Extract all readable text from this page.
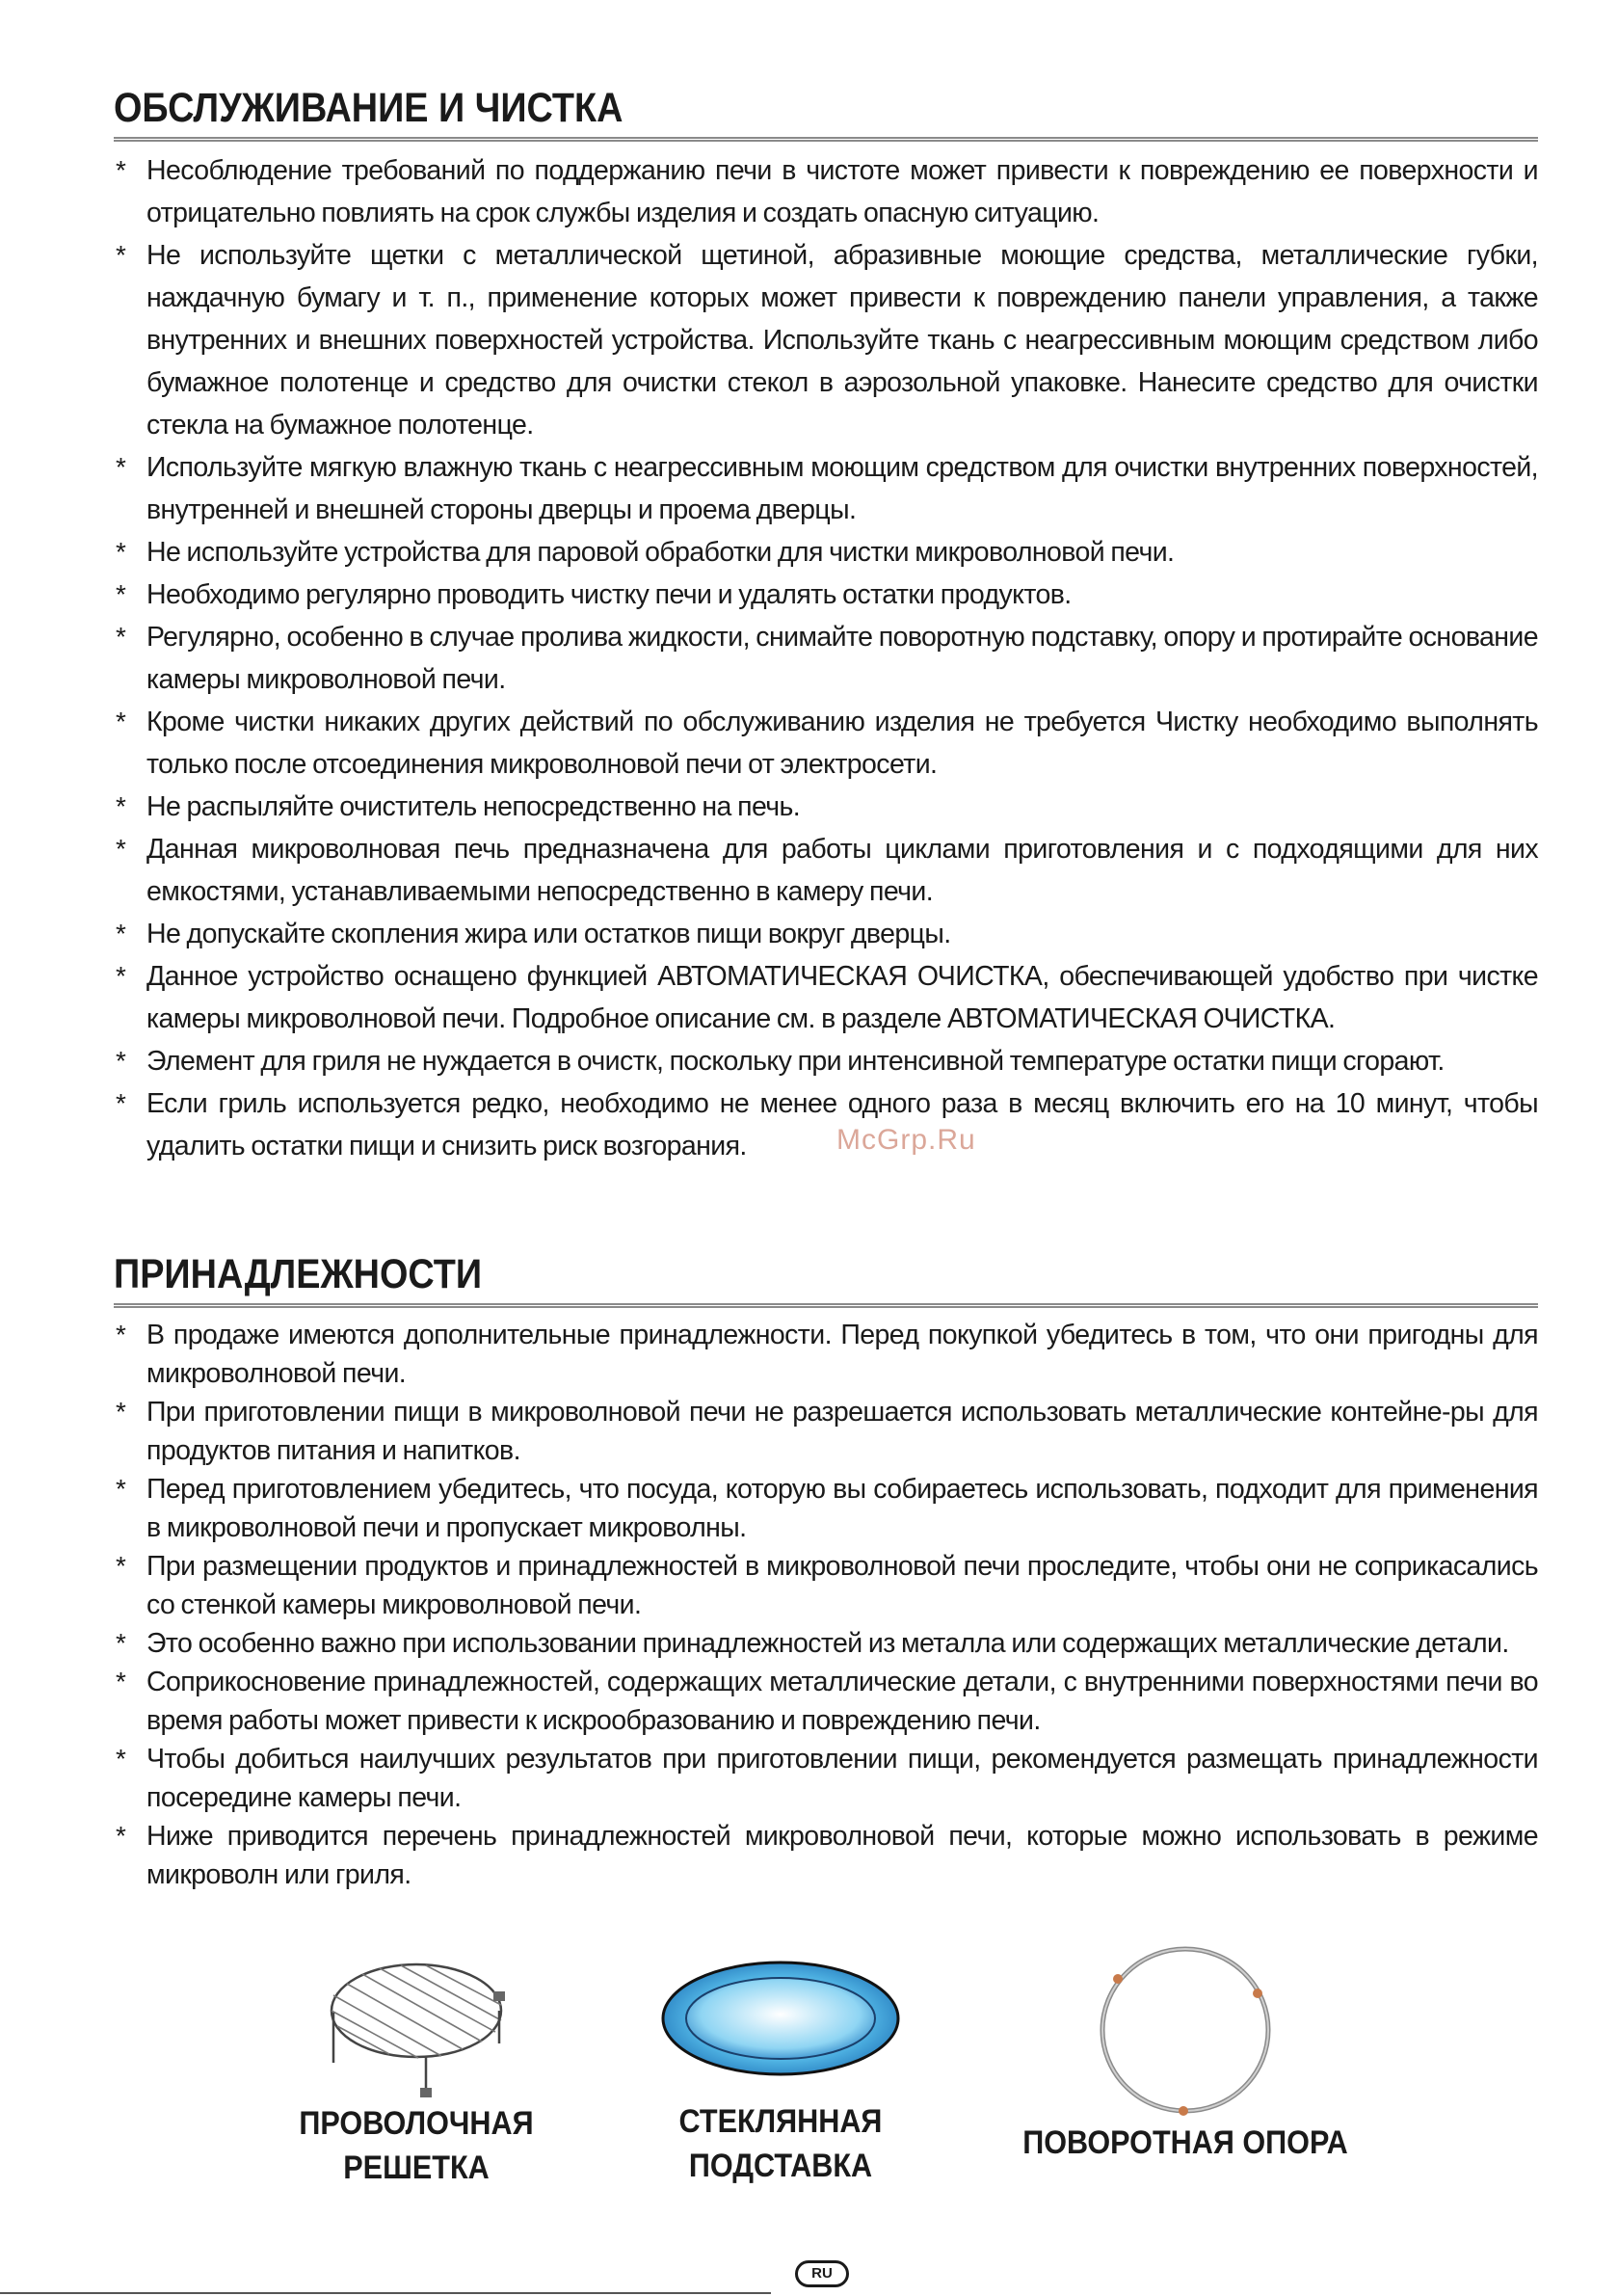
McGrp.Ru
ОБСЛУЖИВАНИЕ И ЧИСТКА
* Несоблюдение требований по поддержанию печи в чистоте может привести к повреждению ее поверхности и отрицательно повлиять на срок службы изделия и создать опасную ситуацию.
* Не используйте щетки с металлической щетиной, абразивные моющие средства, металлические губки, наждачную бумагу и т. п., применение которых может привести к повреждению панели управления, а также внутренних и внешних поверхностей устройства. Используйте ткань с неагрессивным моющим средством либо бумажное полотенце и средство для очистки стекол в аэрозольной упаковке. Нанесите средство для очистки стекла на бумажное полотенце.
* Используйте мягкую влажную ткань с неагрессивным моющим средством для очистки внутренних поверхностей, внутренней и внешней стороны дверцы и проема дверцы.
* Не используйте устройства для паровой обработки для чистки микроволновой печи.
* Необходимо регулярно проводить чистку печи и удалять остатки продуктов.
* Регулярно, особенно в случае пролива жидкости, снимайте поворотную подставку, опору и протирайте основание камеры микроволновой печи.
* Кроме чистки никаких других действий по обслуживанию изделия не требуется Чистку необходимо выполнять только после отсоединения микроволновой печи от электросети.
* Не распыляйте очиститель непосредственно на печь.
* Данная микроволновая печь предназначена для работы циклами приготовления и с подходящими для них емкостями, устанавливаемыми непосредственно в камеру печи.
* Не допускайте скопления жира или остатков пищи вокруг дверцы.
* Данное устройство оснащено функцией АВТОМАТИЧЕСКАЯ ОЧИСТКА, обеспечивающей удобство при чистке камеры микроволновой печи. Подробное описание см. в разделе АВТОМАТИЧЕСКАЯ ОЧИСТКА.
* Элемент для гриля не нуждается в очистк, поскольку при интенсивной температуре остатки пищи сгорают.
* Если гриль используется редко, необходимо не менее одного раза в месяц включить его на 10 минут, чтобы удалить остатки пищи и снизить риск возгорания.
ПРИНАДЛЕЖНОСТИ
* В продаже имеются дополнительные принадлежности. Перед покупкой убедитесь в том, что они пригодны для микроволновой печи.
* При приготовлении пищи в микроволновой печи не разрешается использовать металлические контейне-ры для продуктов питания и напитков.
* Перед приготовлением убедитесь, что посуда, которую вы собираетесь использовать, подходит для применения в микроволновой печи и пропускает микроволны.
* При размещении продуктов и принадлежностей в микроволновой печи проследите, чтобы они не соприкасались со стенкой камеры микроволновой печи.
* Это особенно важно при использовании принадлежностей из металла или содержащих металлические детали.
* Соприкосновение принадлежностей, содержащих металлические детали, с внутренними поверхностями печи во время работы может привести к искрообразованию и повреждению печи.
* Чтобы добиться наилучших результатов при приготовлении пищи, рекомендуется размещать принадлежности посередине камеры печи.
* Ниже приводится перечень принадлежностей микроволновой печи, которые можно использовать в режиме микроволн или гриля.
ПРОВОЛОЧНАЯ
РЕШЕТКА
СТЕКЛЯННАЯ
ПОДСТАВКА
ПОВОРОТНАЯ ОПОРА
RU
